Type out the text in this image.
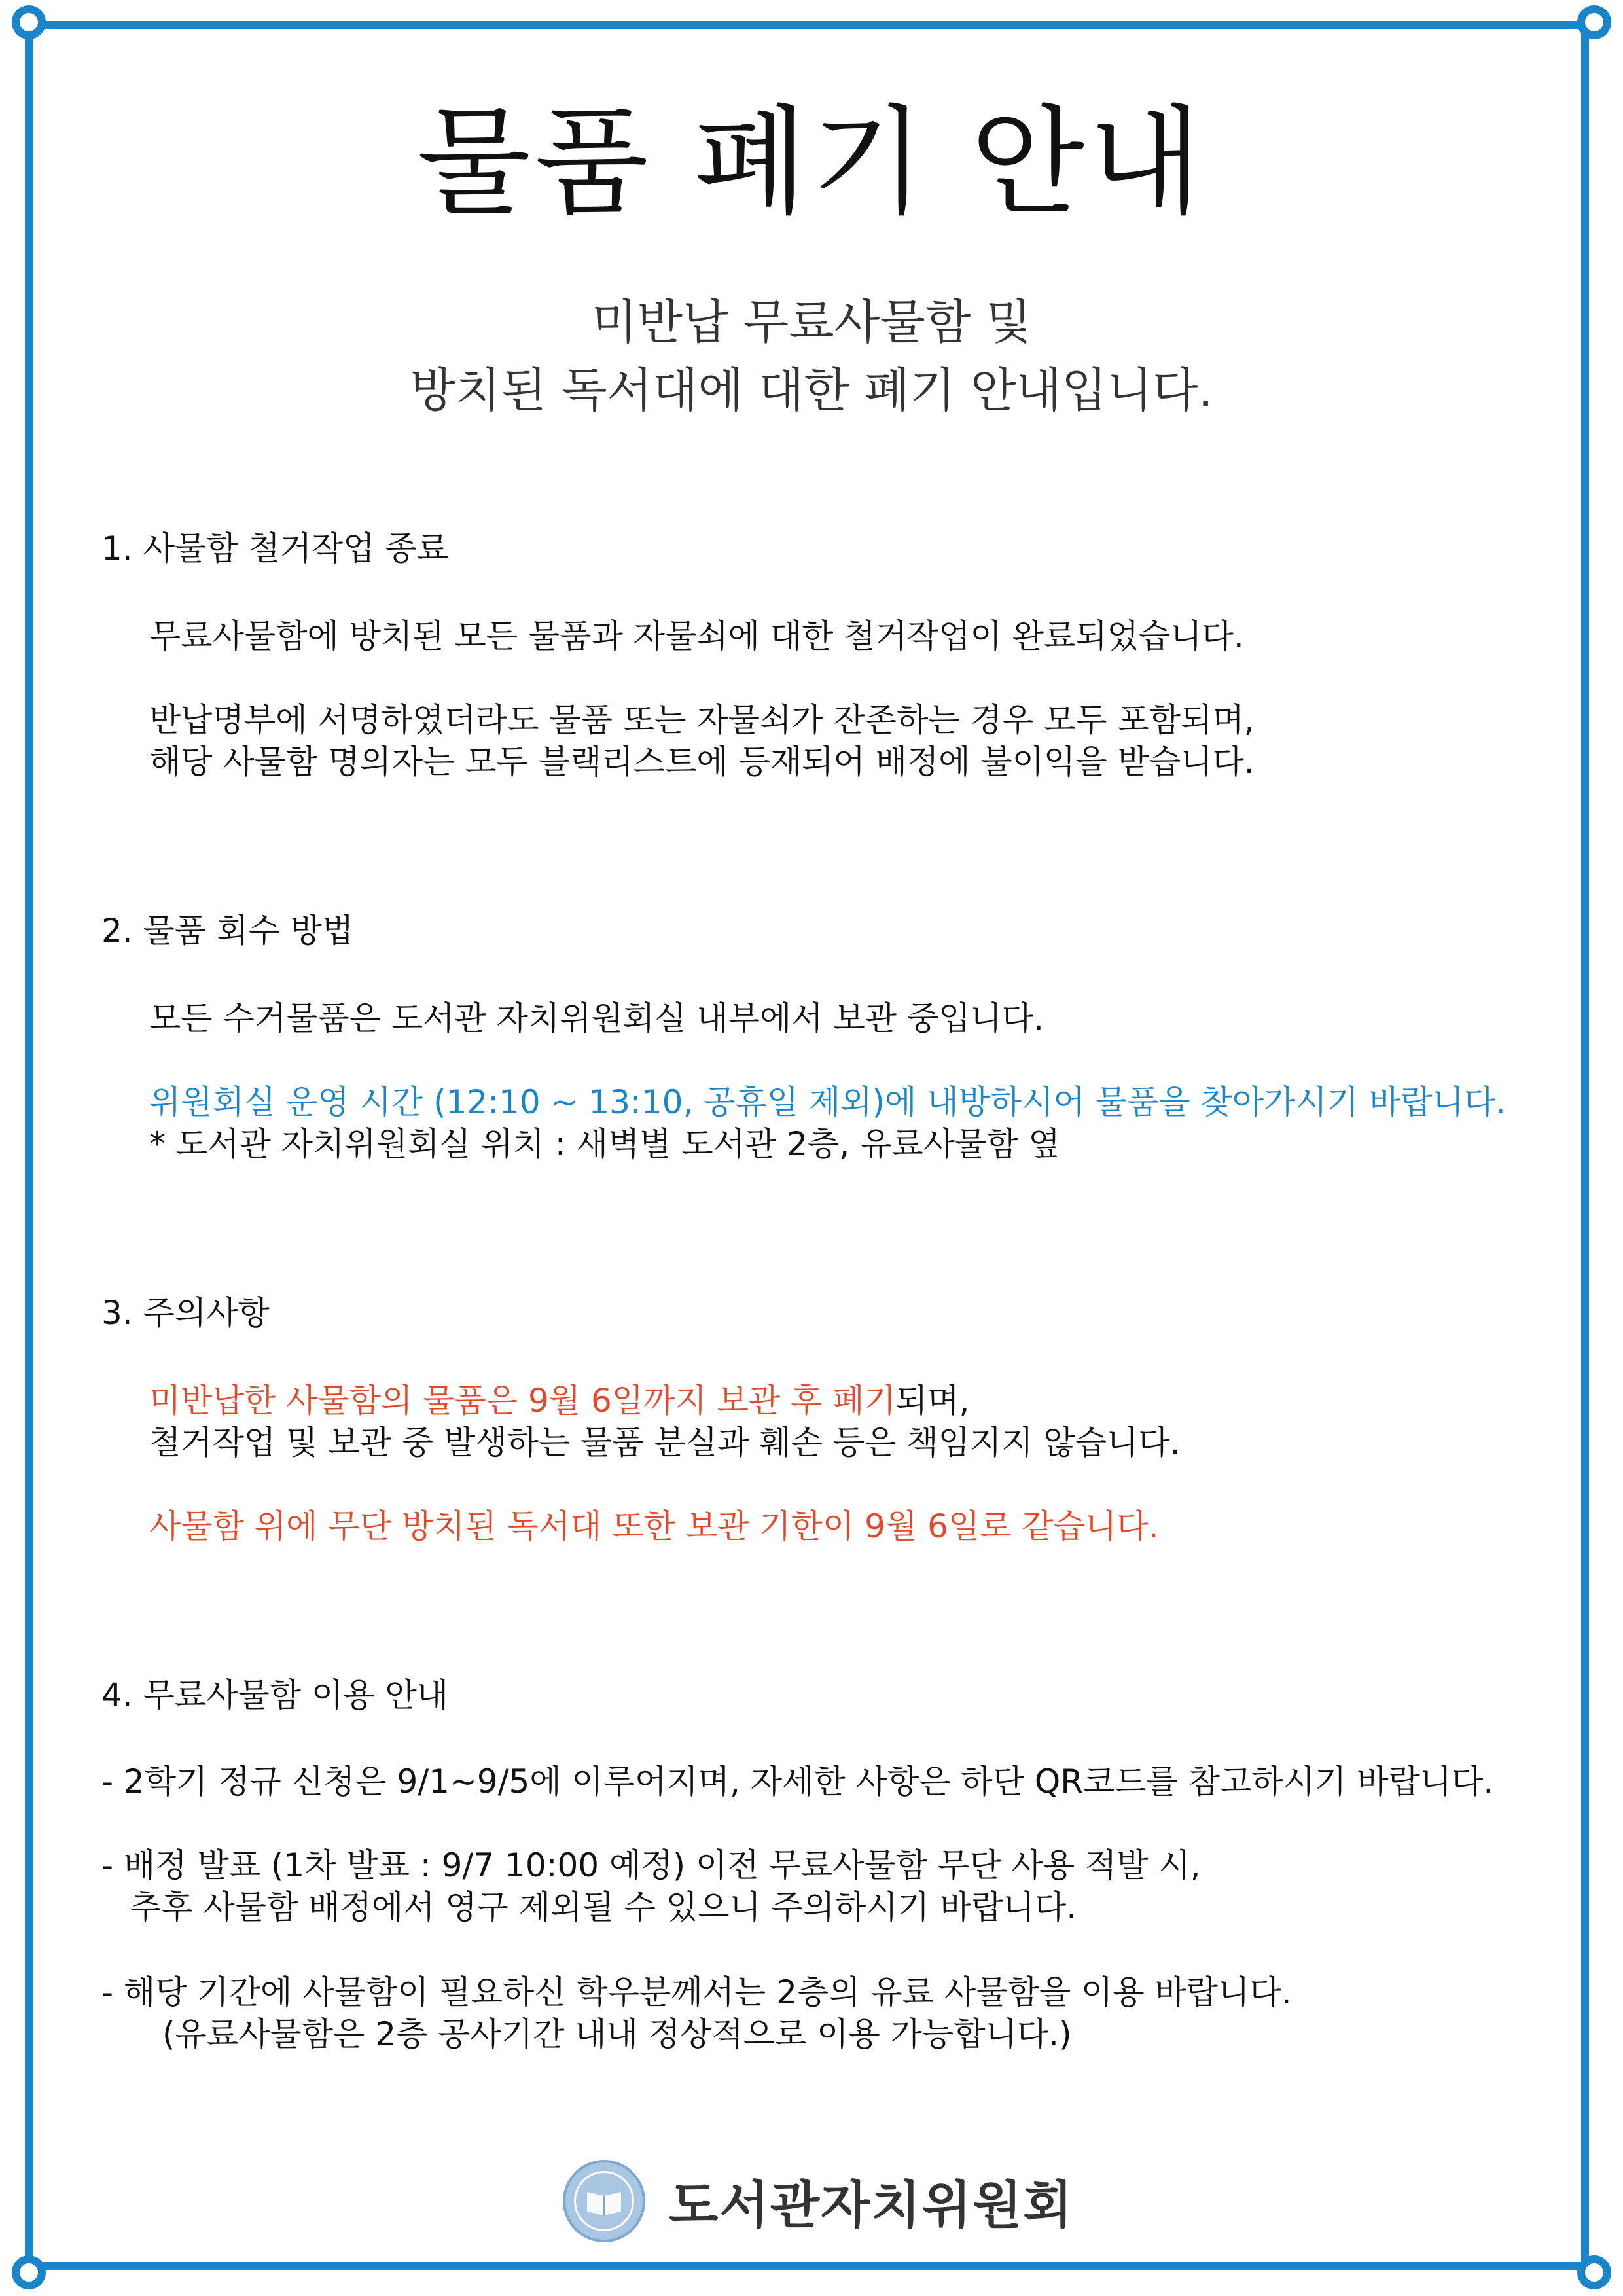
물품 폐기 안내
미반납 무료사물함 및
방치된 독서대에 대한 폐기 안내입니다.
1. 사물함 철거작업 종료

무료사물함에 방치된 모든 물품과 자물쇠에 대한 철거작업이 완료되었습니다.

반납명부에 서명하였더라도 물품 또는 자물쇠가 잔존하는 경우 모두 포함되며,

해당 사물함 명의자는 모두 블랙리스트에 등재되어 배정에 불이익을 받습니다.

2. 물품 회수 방법

모든 수거물품은 도서관 자치위원회실 내부에서 보관 중입니다.

위원회실 운영 시간 (12:10 ~ 13:10, 공휴일 제외)에 내방하시어 물품을 찾아가시기 바랍니다.

* 도서관 자치위원회실 위치 : 새벽별 도서관 2층, 유료사물함 옆

3. 주의사항

미반납한 사물함의 물품은 9월 6일까지 보관 후 폐기되며,

철거작업 및 보관 중 발생하는 물품 분실과 훼손 등은 책임지지 않습니다.

사물함 위에 무단 방치된 독서대 또한 보관 기한이 9월 6일로 같습니다.

4. 무료사물함 이용 안내

- 2학기 정규 신청은 9/1~9/5에 이루어지며, 자세한 사항은 하단 QR코드를 참고하시기 바랍니다.

- 배정 발표 (1차 발표 : 9/7 10:00 예정) 이전 무료사물함 무단 사용 적발 시,

추후 사물함 배정에서 영구 제외될 수 있으니 주의하시기 바랍니다.

- 해당 기간에 사물함이 필요하신 학우분께서는 2층의 유료 사물함을 이용 바랍니다.

(유료사물함은 2층 공사기간 내내 정상적으로 이용 가능합니다.)

도서관자치위원회
